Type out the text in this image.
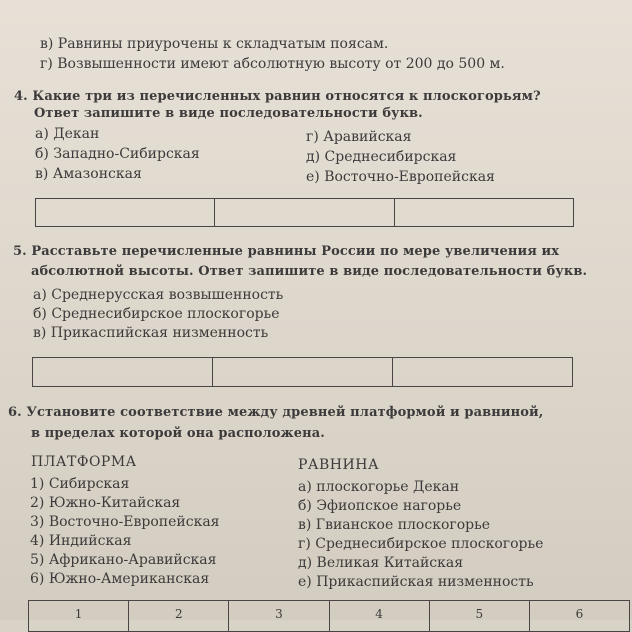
в) Равнины приурочены к складчатым поясам.
г) Возвышенности имеют абсолютную высоту от 200 до 500 м.
4. Какие три из перечисленных равнин относятся к плоскогорьям?
Ответ запишите в виде последовательности букв.
а) Декан
б) Западно-Сибирская
в) Амазонская
г) Аравийская
д) Среднесибирская
е) Восточно-Европейская
5. Расставьте перечисленные равнины России по мере увеличения их
абсолютной высоты. Ответ запишите в виде последовательности букв.
а) Среднерусская возвышенность
б) Среднесибирское плоскогорье
в) Прикаспийская низменность
6. Установите соответствие между древней платформой и равниной,
в пределах которой она расположена.
ПЛАТФОРМА	РАВНИНА
1) Сибирская
2) Южно-Китайская
3) Восточно-Европейская
4) Индийская
5) Африкано-Аравийская
6) Южно-Американская
а) плоскогорье Декан
б) Эфиопское нагорье
в) Гвианское плоскогорье
г) Среднесибирское плоскогорье
д) Великая Китайская
е) Прикаспийская низменность
1	2	3	4	5	6
